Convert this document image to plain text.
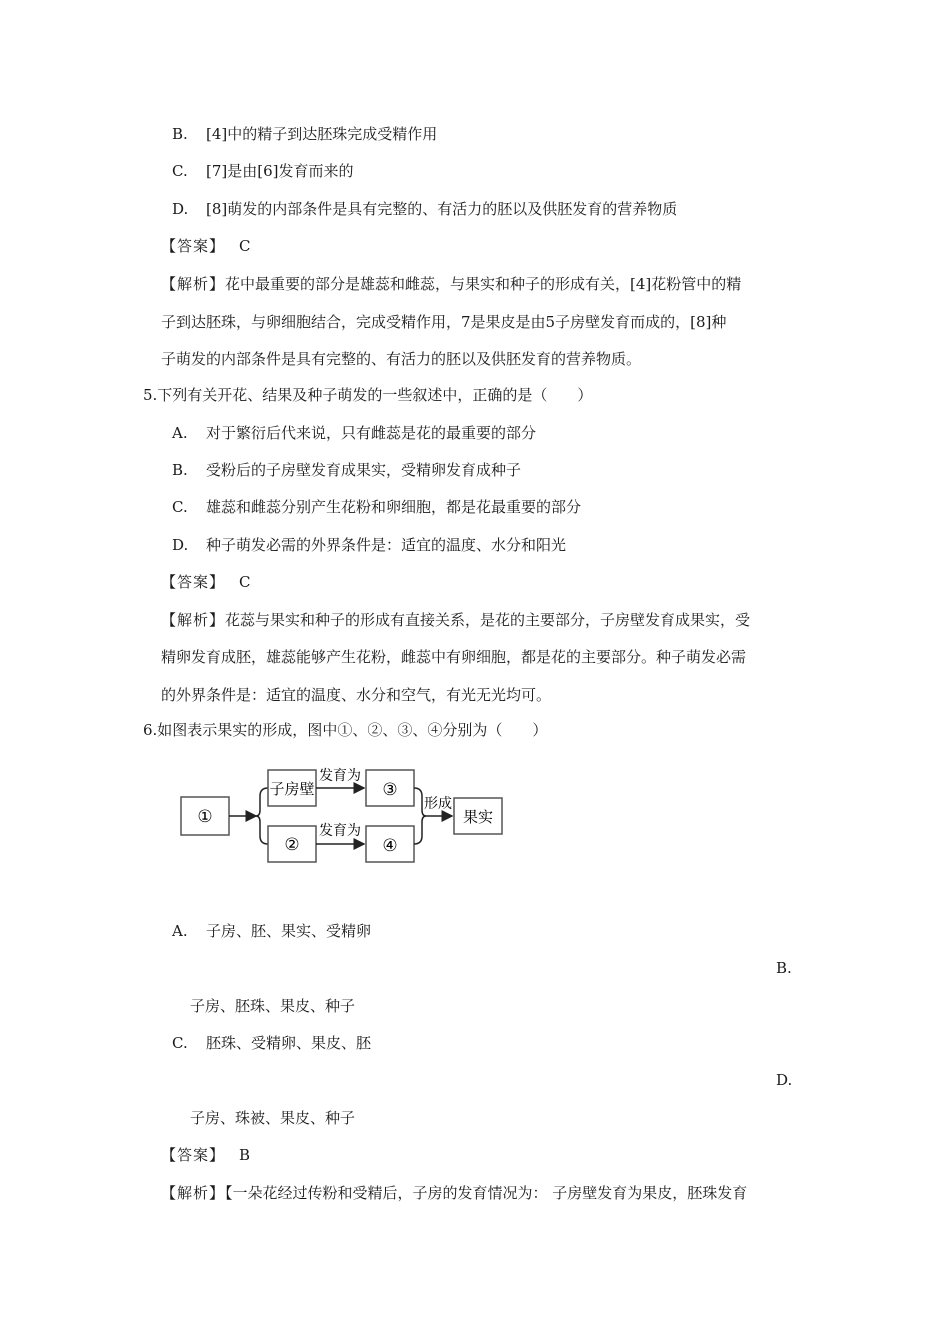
B. [4]中的精子到达胚珠完成受精作用
C. [7]是由[6]发育而来的
D. [8]萌发的内部条件是具有完整的、有活力的胚以及供胚发育的营养物质
【答案】 C
【解析】花中最重要的部分是雄蕊和雌蕊，与果实和种子的形成有关，[4]花粉管中的精
子到达胚珠，与卵细胞结合，完成受精作用，7是果皮是由5子房壁发育而成的，[8]种
子萌发的内部条件是具有完整的、有活力的胚以及供胚发育的营养物质。
5.下列有关开花、结果及种子萌发的一些叙述中，正确的是（　　）
A. 对于繁衍后代来说，只有雌蕊是花的最重要的部分
B. 受粉后的子房壁发育成果实，受精卵发育成种子
C. 雄蕊和雌蕊分别产生花粉和卵细胞，都是花最重要的部分
D. 种子萌发必需的外界条件是：适宜的温度、水分和阳光
【答案】 C
【解析】花蕊与果实和种子的形成有直接关系，是花的主要部分，子房壁发育成果实，受
精卵发育成胚，雄蕊能够产生花粉，雌蕊中有卵细胞，都是花的主要部分。种子萌发必需
的外界条件是：适宜的温度、水分和空气，有光无光均可。
6.如图表示果实的形成，图中①、②、③、④分别为（　　）
①
子房壁
②
发育为
发育为
③
④
形成
果实
A. 子房、胚、果实、受精卵
B.
子房、胚珠、果皮、种子
C. 胚珠、受精卵、果皮、胚
D.
子房、珠被、果皮、种子
【答案】 B
【解析】【一朵花经过传粉和受精后，子房的发育情况为： 子房壁发育为果皮，胚珠发育
